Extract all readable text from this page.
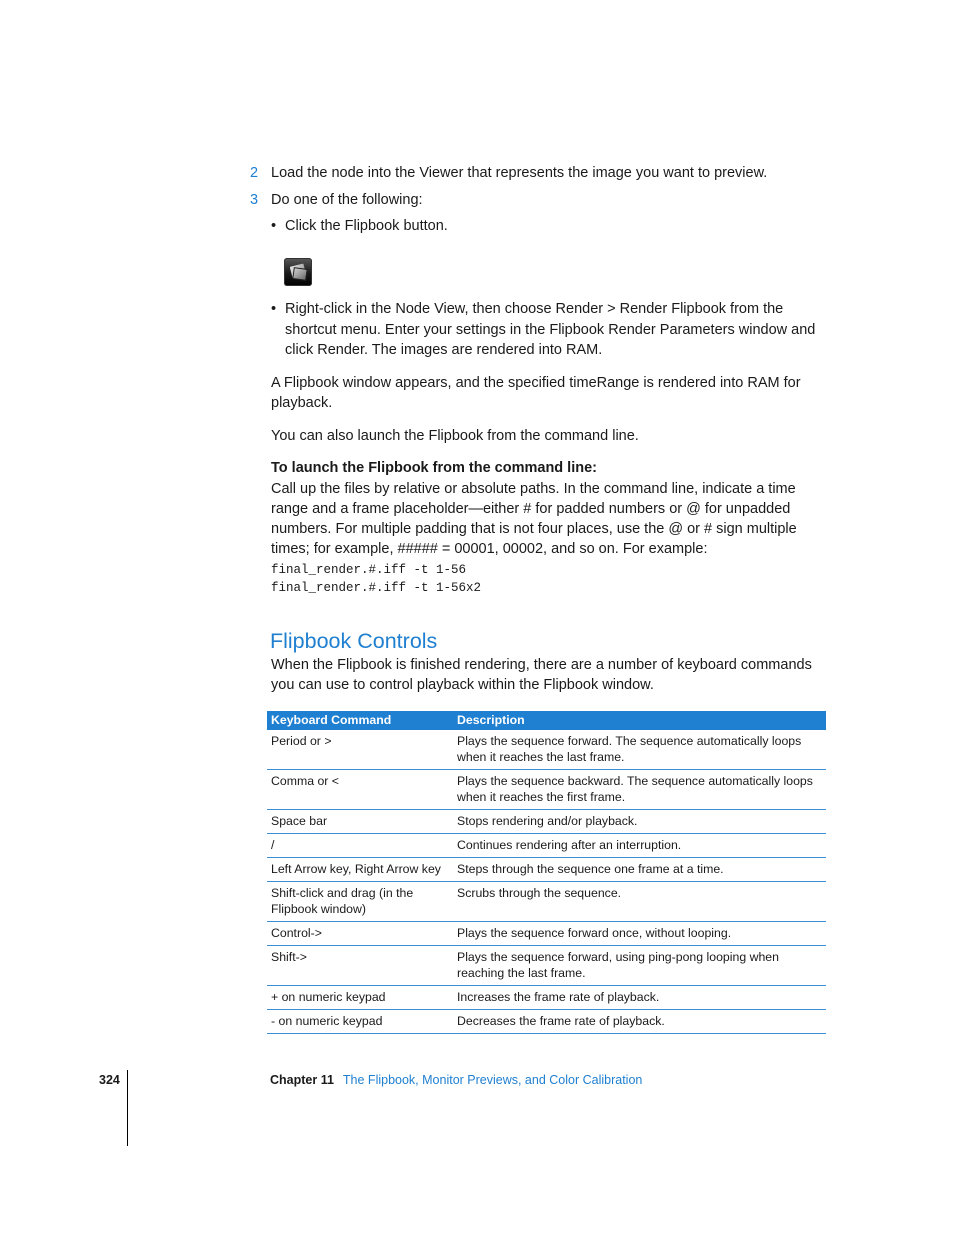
2 Load the node into the Viewer that represents the image you want to preview.
3 Do one of the following:
• Click the Flipbook button.
• Right-click in the Node View, then choose Render > Render Flipbook from the shortcut menu. Enter your settings in the Flipbook Render Parameters window and click Render. The images are rendered into RAM.

A Flipbook window appears, and the specified timeRange is rendered into RAM for playback.

You can also launch the Flipbook from the command line.

To launch the Flipbook from the command line:

Call up the files by relative or absolute paths. In the command line, indicate a time range and a frame placeholder—either # for padded numbers or @ for unpadded numbers. For multiple padding that is not four places, use the @ or # sign multiple times; for example, ##### = 00001, 00002, and so on. For example:

final_render.#.iff -t 1-56
final_render.#.iff -t 1-56x2
Flipbook Controls

When the Flipbook is finished rendering, there are a number of keyboard commands you can use to control playback within the Flipbook window.

Keyboard Command	Description
Period or >	Plays the sequence forward. The sequence automatically loops when it reaches the last frame.
Comma or <	Plays the sequence backward. The sequence automatically loops when it reaches the first frame.
Space bar	Stops rendering and/or playback.
/	Continues rendering after an interruption.
Left Arrow key, Right Arrow key	Steps through the sequence one frame at a time.
Shift-click and drag (in the Flipbook window)	Scrubs through the sequence.
Control->	Plays the sequence forward once, without looping.
Shift->	Plays the sequence forward, using ping-pong looping when reaching the last frame.
+ on numeric keypad	Increases the frame rate of playback.
- on numeric keypad	Decreases the frame rate of playback.
324	Chapter 11 The Flipbook, Monitor Previews, and Color Calibration
